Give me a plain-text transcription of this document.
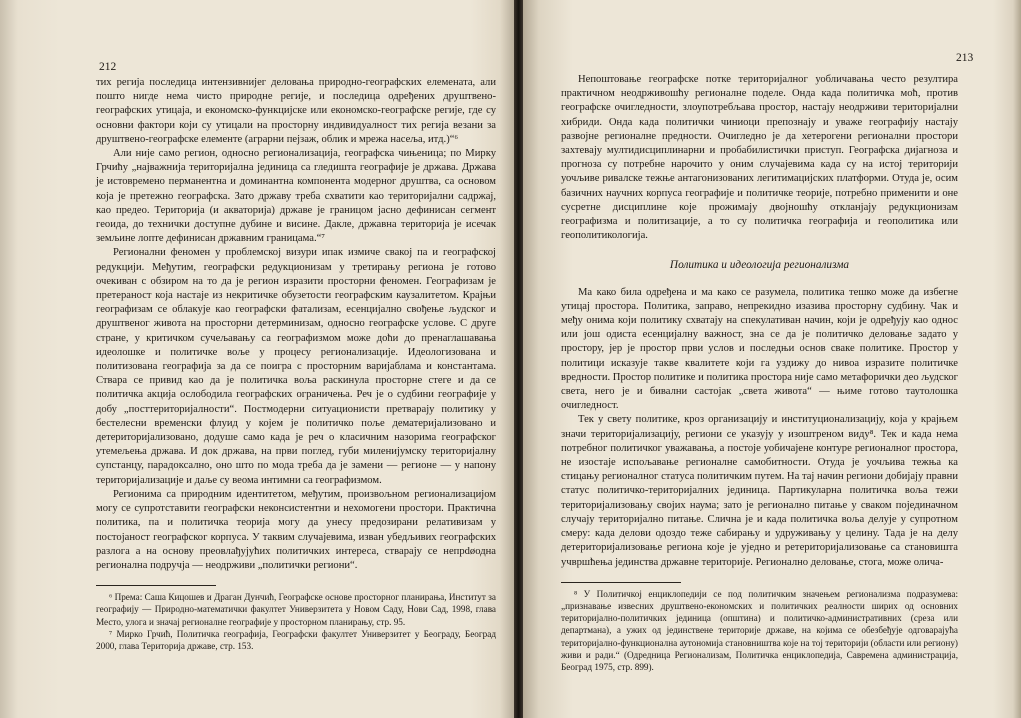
212

тих регија последица интензивнијег деловања природно-географских елемената, али пошто нигде нема чисто природне регије, и последица одређених друштвено-географских утицаја, и економско-функцијске или економско-географске регије, где су основни фактори који су утицали на просторну индивидуалност тих регија везани за друштвено-географске елементе (аграрни пејзаж, облик и мрежа насеља, итд.)“⁶

Али није само регион, односно регионализација, географска чињеница; по Мирку Грчићу „најважнија територијална јединица са гледишта географије је држава. Држава је истовремено перманентна и доминантна компонента модерног друштва, са основом која је претежно географска. Зато државу треба схватити као територијални садржај, као предео. Територија (и акваторија) државе је границом јасно дефинисан сегмент геоида, до технички доступне дубине и висине. Дакле, државна територија је исечак земљине лопте дефинисан државним границама.“⁷

Регионални феномен у проблемској визури ипак измиче свакој па и географској редукцији. Међутим, географски редукционизам у третирању региона је готово очекиван с обзиром на то да је регион изразити просторни феномен. Географизам је претераност која настаје из некритичке обузетости географским каузалитетом. Крајњи географизам се облакује као географски фатализам, есенцијално свођење људског и друштвеног живота на просторни детерминизам, односно географске услове. С друге стране, у критичком сучељавању са географизмом може доћи до пренаглашавања идеолошке и политичке воље у процесу регионализације. Идеологизована и политизована географија за да се поигра с просторним варијаблама и константама. Ствара се привид као да је политичка воља раскинула просторне стеге и да се политичка акција ослободила географских ограничења. Реч је о судбини географије у добу „посттериторијалности“. Постмодерни ситуационисти претварају политику у бестелесни временски флуид у којем је политичко поље дематеријализовано и детериторијализовано, додуше само када је реч о класичним назорима географског утемељења држава. И док држава, на први поглед, губи миленијумску територијалну супстанцу, парадоксално, оно што по мода треба да је замени — регионе — у напону територијализације и даље су веома интимни са географизмом.

Регионима са природним идентитетом, међутим, произвољном регионализацијом могу се супротставити географски неконсистентни и нехомогени простори. Практична политика, па и политичка теорија могу да унесу предозирани релативизам у постојаност географског корпуса. У таквим случајевима, изван убедљивих географских разлога а на основу преовлађујућих политичких интереса, стварају се непрdøодна регионална подручја — неодрживи „политички региони“.

⁶ Према: Саша Кицошев и Драган Дунчић, Географске основе просторног планирања, Институт за географију — Природно-математички факултет Универзитета у Новом Саду, Нови Сад, 1998, глава Место, улога и значај регионалне географије у просторном планирању, стр. 95.

⁷ Мирко Грчић, Политичка географија, Географски факултет Универзитет у Београду, Београд 2000, глава Територија државе, стр. 153.

213

Непоштовање географске потке територијалног уобличавања често резултира практичном неодрживошћу регионалне поделе. Онда када политичка моћ, против географске очигледности, злоупотребљава простор, настају неодрживи територијални хибриди. Онда када политички чиниоци препознају и уваже географију настају развојне регионалне предности. Очигледно је да хетерогени регионални простори захтевају мултидисциплинарни и пробабилистички приступ. Географска дијагноза и прогноза су потребне нарочито у оним случајевима када су на истој територији уочљиве ривалске тежње антагонизованих легитимацијских платформи. Отуда је, осим базичних научних корпуса географије и политичке теорије, потребно применити и оне сусретне дисциплине које прожимају двојношћу откланјају редукционизам географизма и политизације, а то су политичка географија и геополитика или геополитикологија.

Политика и идеологија регионализма

Ма како била одређена и ма како се разумела, политика тешко може да избегне утицај простора. Политика, заправо, непрекидно изазива просторну судбину. Чак и међу онима који политику схватају на спекулативан начин, који је одређују као однос или још одиста есенцијалну важност, зна се да је политичко деловање задато у простору, јер је простор први услов и последњи основ сваке политике. Простор у политици исказује такве квалитете који га уздижу до нивоа изразите политичке вредности. Простор политике и политика простора није само метафорички део људског света, него је и бивални састојак „света живота“ — њиме готово таутолошка очигледност.

Тек у свету политике, кроз организацију и институционализацију, која у крајњем значи територијализацију, региони се указују у изоштреном виду⁸. Тек и када нема потребног политичког уважавања, а постоје уобичајене контуре регионалног простора, не изостаје испољавање регионалне самобитности. Отуда је уочљива тежња ка стицању регионалног статуса политичким путем. На тај начин региони добијају правни статус политичко-територијалних јединица. Партикуларна политичка воља тежи територијализовању својих наума; зато је регионално питање у сваком појединачном случају територијално питање. Слична је и када политичка воља делује у супротном смеру: када делови одоздо теже сабирању и удруживању у целину. Тада је на делу детериторијализовање региона које је уједно и ретериторијализовање са становишта учвршћења јединства државне територије. Регионално деловање, стога, може олича-

⁸ У Политичкој енциклопедији се под политичким значењем регионализма подразумева: „признавање извесних друштвено-економских и политичких реалности ширих од основних територијално-политичких јединица (општина) и политичко-административних (срезa или департмана), а ужих од јединствене територије државе, на којима се обезбеђује одговарајућа територијално-функционална аутономија становништва које на тој територији (области или региону) живи и ради.“ (Одредница Регионализам, Политичка енциклопедија, Савремена администрација, Београд 1975, стр. 899).
